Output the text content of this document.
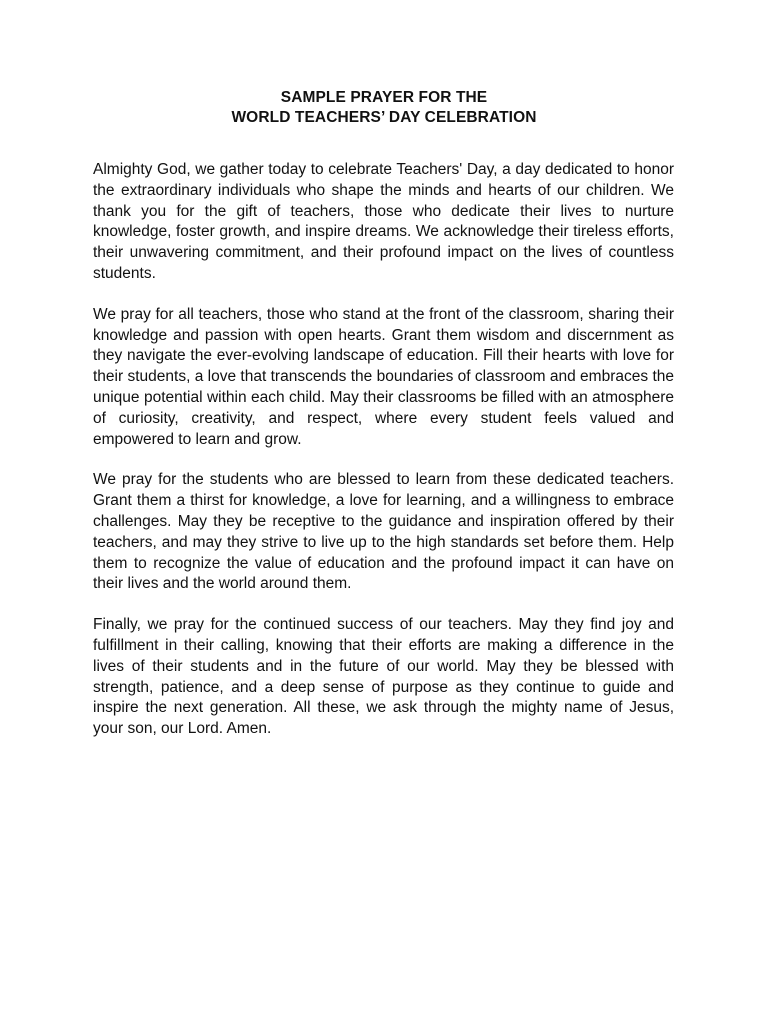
SAMPLE PRAYER FOR THE
WORLD TEACHERS’ DAY CELEBRATION

Almighty God, we gather today to celebrate Teachers' Day, a day dedicated to honor the extraordinary individuals who shape the minds and hearts of our children. We thank you for the gift of teachers, those who dedicate their lives to nurture knowledge, foster growth, and inspire dreams. We acknowledge their tireless efforts, their unwavering commitment, and their profound impact on the lives of countless students.

We pray for all teachers, those who stand at the front of the classroom, sharing their knowledge and passion with open hearts. Grant them wisdom and discernment as they navigate the ever-evolving landscape of education. Fill their hearts with love for their students, a love that transcends the boundaries of classroom and embraces the unique potential within each child. May their classrooms be filled with an atmosphere of curiosity, creativity, and respect, where every student feels valued and empowered to learn and grow.

We pray for the students who are blessed to learn from these dedicated teachers. Grant them a thirst for knowledge, a love for learning, and a willingness to embrace challenges. May they be receptive to the guidance and inspiration offered by their teachers, and may they strive to live up to the high standards set before them. Help them to recognize the value of education and the profound impact it can have on their lives and the world around them.

Finally, we pray for the continued success of our teachers. May they find joy and fulfillment in their calling, knowing that their efforts are making a difference in the lives of their students and in the future of our world. May they be blessed with strength, patience, and a deep sense of purpose as they continue to guide and inspire the next generation. All these, we ask through the mighty name of Jesus, your son, our Lord. Amen.
